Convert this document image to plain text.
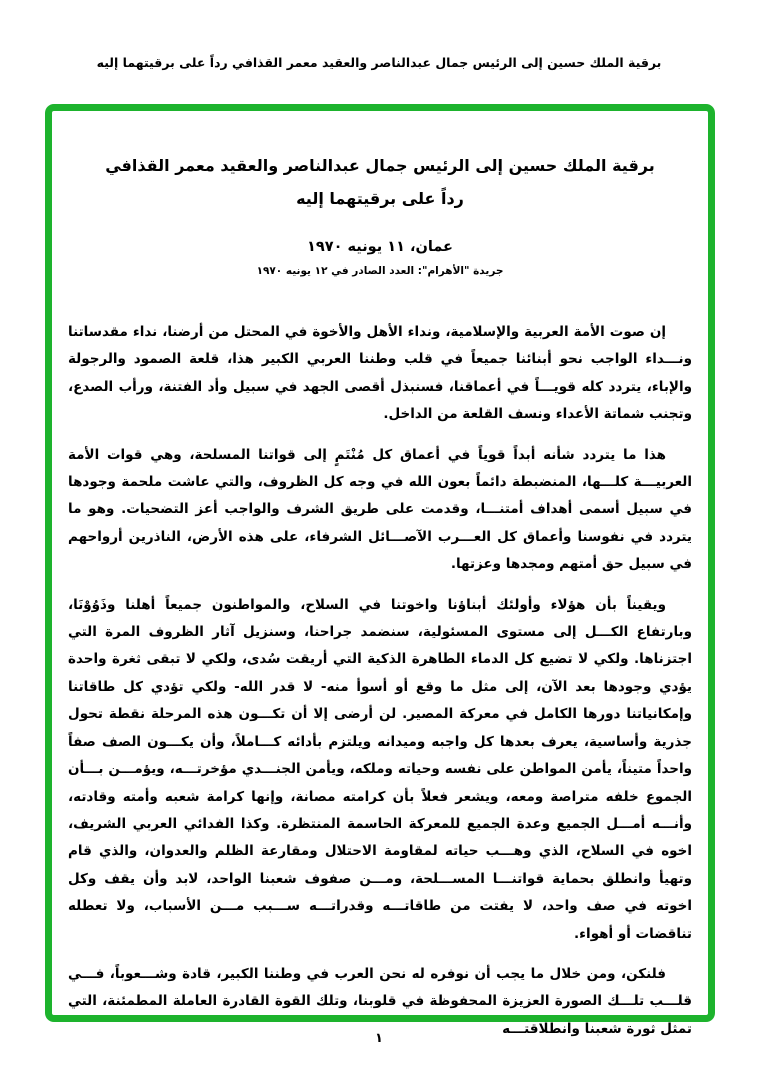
برقية الملك حسين إلى الرئيس جمال عبدالناصر والعقيد معمر القذافي رداً على برقيتهما إليه
برقية الملك حسين إلى الرئيس جمال عبدالناصر والعقيد معمر القذافي
رداً على برقيتهما إليه
عمان، ١١ يونيه ١٩٧٠
جريدة "الأهرام": العدد الصادر في ١٢ يونيه ١٩٧٠

إن صوت الأمة العربية والإسلامية، ونداء الأهل والأخوة في المحتل من أرضنا، نداء مقدساتنا ونـــداء الواجب نحو أبنائنا جميعاً في قلب وطننا العربي الكبير هذا، قلعة الصمود والرجولة والإباء، يتردد كله قويـــاً في أعماقنا، فسنبذل أقصى الجهد في سبيل وأد الفتنة، ورأب الصدع، وتجنب شماتة الأعداء ونسف القلعة من الداخل.

هذا ما يتردد شأنه أبداً قوياً في أعماق كل مُنْتَمٍ إلى قواتنا المسلحة، وهي قوات الأمة العربيـــة كلـــها، المنضبطة دائماً بعون الله في وجه كل الظروف، والتي عاشت ملحمة وجودها في سبيل أسمى أهداف أمتنـــا، وقدمت على طريق الشرف والواجب أعز التضحيات. وهو ما يتردد في نفوسنا وأعماق كل العـــرب الآصـــائل الشرفاء، على هذه الأرض، الناذرين أرواحهم في سبيل حق أمتهم ومجدها وعزتها.

ويقيناً بأن هؤلاء وأولئك أبناؤنا واخوتنا في السلاح، والمواطنون جميعاً أهلنا وذَوُوْنَا، وبارتفاع الكـــل إلى مستوى المسئولية، سنضمد جراحنا، وسنزيل آثار الظروف المرة التي اجتزناها. ولكي لا تضيع كل الدماء الطاهرة الذكية التي أريقت سُدى، ولكي لا تبقى ثغرة واحدة يؤدي وجودها بعد الآن، إلى مثل ما وقع أو أسوأ منه- لا قدر الله- ولكي تؤدي كل طاقاتنا وإمكانياتنا دورها الكامل في معركة المصير. لن أرضى إلا أن تكـــون هذه المرحلة نقطة تحول جذرية وأساسية، يعرف بعدها كل واجبه وميدانه ويلتزم بأدائه كـــاملاً، وأن يكـــون الصف صفاً واحداً متيناً، يأمن المواطن على نفسه وحياته وملكه، ويأمن الجنـــدي مؤخرتـــه، ويؤمـــن بـــأن الجموع خلفه متراصة ومعه، ويشعر فعلاً بأن كرامته مصانة، وإنها كرامة شعبه وأمته وقادته، وأنـــه أمـــل الجميع وعدة الجميع للمعركة الحاسمة المنتظرة. وكذا الفدائي العربي الشريف، اخوه في السلاح، الذي وهـــب حياته لمقاومة الاحتلال ومقارعة الظلم والعدوان، والذي قام وتهيأ وانطلق بحماية قواتنـــا المســـلحة، ومـــن صفوف شعبنا الواحد، لابد وأن يقف وكل اخوته في صف واحد، لا يفتت من طاقاتـــه وقدراتـــه ســـبب مـــن الأسباب، ولا تعطله تناقضات أو أهواء.

فلنكن، ومن خلال ما يجب أن نوفره له نحن العرب في وطننا الكبير، قادة وشـــعوباً، فـــي قلـــب تلـــك الصورة العزيزة المحفوظة في قلوبنا، وتلك القوة القادرة العاملة المطمئنة، التي تمثل ثورة شعبنا وانطلاقتـــه

١
